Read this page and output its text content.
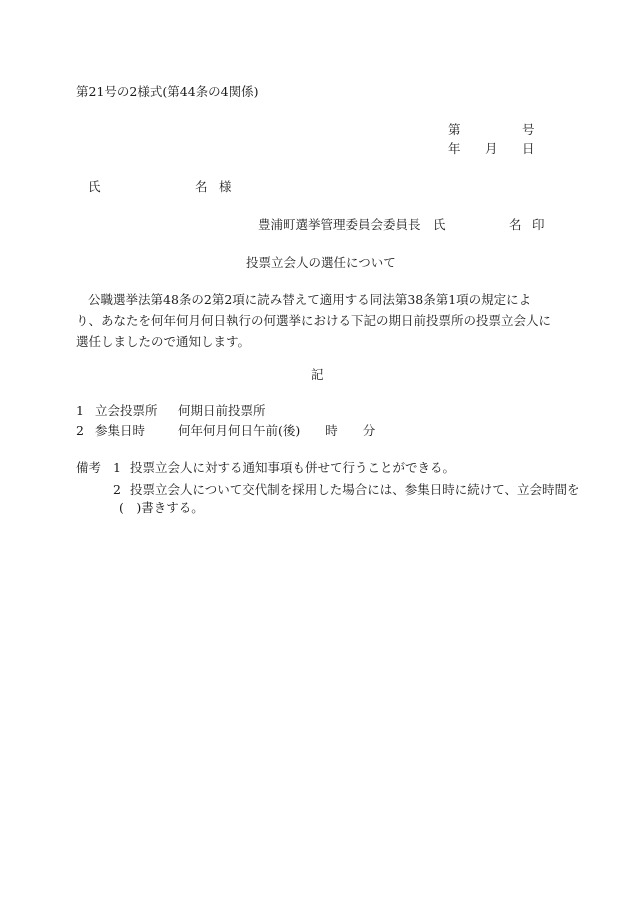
第21号の2様式(第44条の4関係)
第	号
年 月 日
氏	名 様
豊浦町選挙管理委員会委員長　氏	名 印
投票立会人の選任について
公職選挙法第48条の2第2項に読み替えて適用する同法第38条第1項の規定により、あなたを何年何月何日執行の何選挙における下記の期日前投票所の投票立会人に選任しましたので通知します。
記
1 立会投票所 何期日前投票所
2 参集日時	何年何月何日午前(後)　　時　　分
備考 1 投票立会人に対する通知事項も併せて行うことができる。
2 投票立会人について交代制を採用した場合には、参集日時に続けて、立会時間を
(　)書きする。
